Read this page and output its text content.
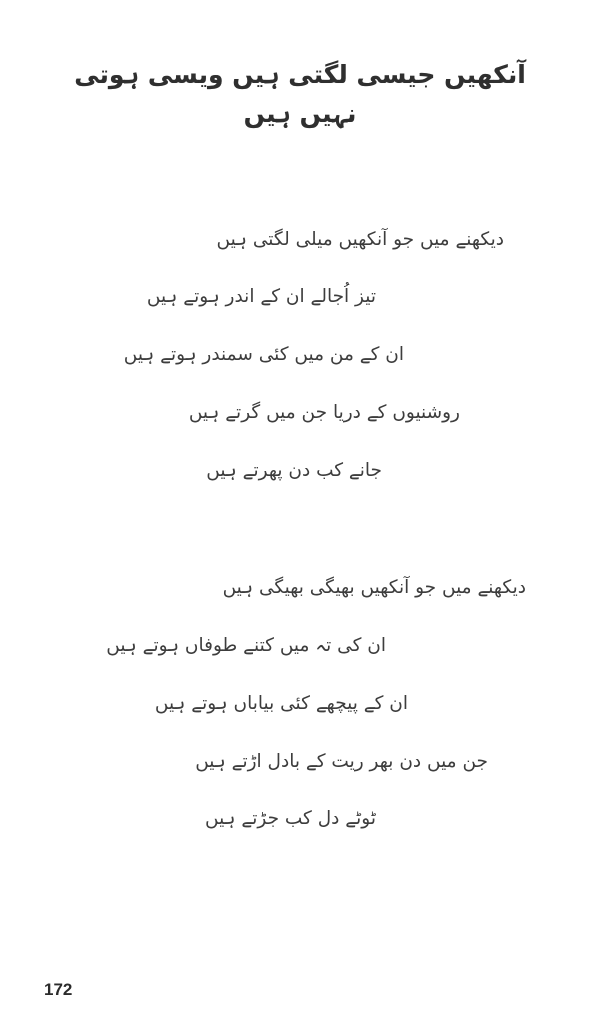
آنکھیں جیسی لگتی ہیں ویسی ہوتی نہیں ہیں

دیکھنے میں جو آنکھیں میلی لگتی ہیں

تیز اُجالے ان کے اندر ہوتے ہیں

ان کے من میں کئی سمندر ہوتے ہیں

روشنیوں کے دریا جن میں گرتے ہیں

جانے کب دن پھرتے ہیں

دیکھنے میں جو آنکھیں بھیگی بھیگی ہیں

ان کی تہ میں کتنے طوفاں ہوتے ہیں

ان کے پیچھے کئی بیاباں ہوتے ہیں

جن میں دن بھر ریت کے بادل اڑتے ہیں

ٹوٹے دل کب جڑتے ہیں

172
